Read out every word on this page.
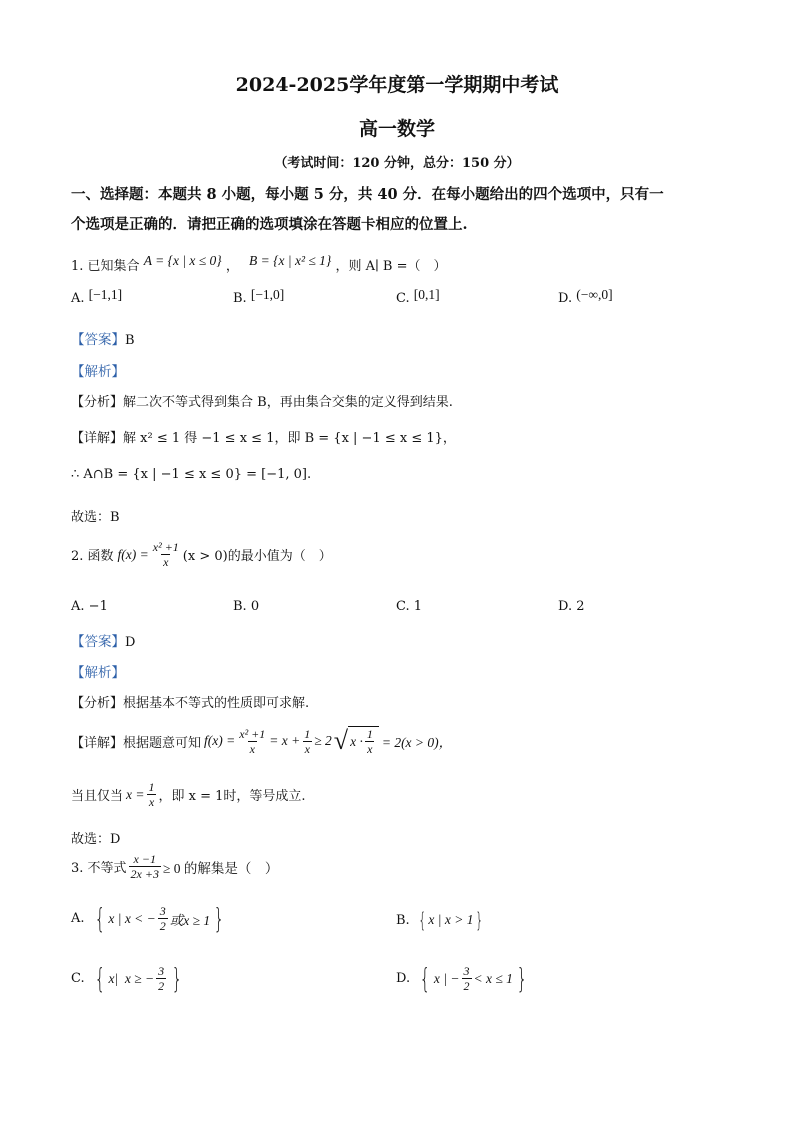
2024-2025学年度第一学期期中考试
高一数学
（考试时间：120 分钟，总分：150 分）
一、选择题：本题共 8 小题，每小题 5 分，共 40 分．在每小题给出的四个选项中，只有一
个选项是正确的．请把正确的选项填涂在答题卡相应的位置上.
1. 已知集合 A = {x | x ≤ 0} ， B = {x | x² ≤ 1} ，则 A∣ B =（　）
A. [−1,1]	B. [−1,0]	C. [0,1]	D. (−∞,0]
【答案】B
【解析】
【分析】解二次不等式得到集合 B，再由集合交集的定义得到结果.
【详解】解 x² ≤ 1 得 −1 ≤ x ≤ 1，即 B = {x | −1 ≤ x ≤ 1}，
∴ A∩B = {x | −1 ≤ x ≤ 0} = [−1, 0].
故选：B
2. 函数 $f(x) = \frac{\text{x² +1}}{x} (x > 0)$的最小值为（　）
A. −1	B. 0	C. 1	D. 2
【答案】D
【解析】
【分析】根据基本不等式的性质即可求解.
【详解】 根据题意可知 $f(x) = \frac{\text{x² +1}}{x} = x + \frac{1}{x} \ge 2$ √ $x \cdot \frac{1}{x} = 2(x > 0)$，
当且仅当 $x = \frac{1}{x}$ ，即 x = 1时，等号成立.
故选：D
3. 不等式 $\frac{x -1}{2x +3} \ge 0$ 的解集是（　）
A. { x | x < − $\frac{3}{2}$ 或x ≥ 1 }	B. { x | x > 1 }
C. { x|  x ≥ − $\frac{3}{2}$ }	D. { x | − $\frac{3}{2} < x \le 1$ }
